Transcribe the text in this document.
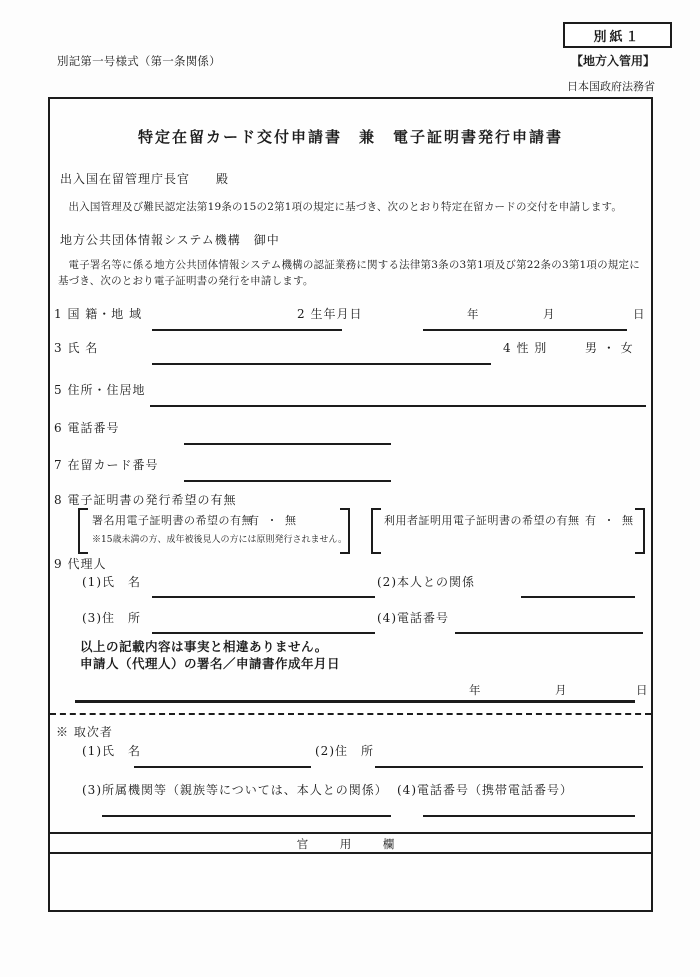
別記第一号様式（第一条関係）
別紙１
【地方入管用】
日本国政府法務省
特定在留カード交付申請書　兼　電子証明書発行申請書
出入国在留管理庁長官　　殿
出入国管理及び難民認定法第19条の15の2第1項の規定に基づき、次のとおり特定在留カードの交付を申請します。
地方公共団体情報システム機構　御中
電子署名等に係る地方公共団体情報システム機構の認証業務に関する法律第3条の3第1項及び第22条の3第1項の規定に基づき、次のとおり電子証明書の発行を申請します。
1 国 籍・地 域	2 生年月日	年	月	日
3 氏 名	4 性 別	男 ・ 女
5 住所・住居地
6 電話番号
7 在留カード番号
8 電子証明書の発行希望の有無
署名用電子証明書の希望の有無
有 ・ 無
※15歳未満の方、成年被後見人の方には原則発行されません。
利用者証明用電子証明書の希望の有無 有 ・ 無
9 代理人
(1)氏　名	(2)本人との関係
(3)住　所	(4)電話番号
以上の記載内容は事実と相違ありません。
申請人（代理人）の署名／申請書作成年月日
年	月	日
※ 取次者
(1)氏　名	(2)住　所
(3)所属機関等（親族等については、本人との関係） (4)電話番号（携帯電話番号）
官　用　欄
